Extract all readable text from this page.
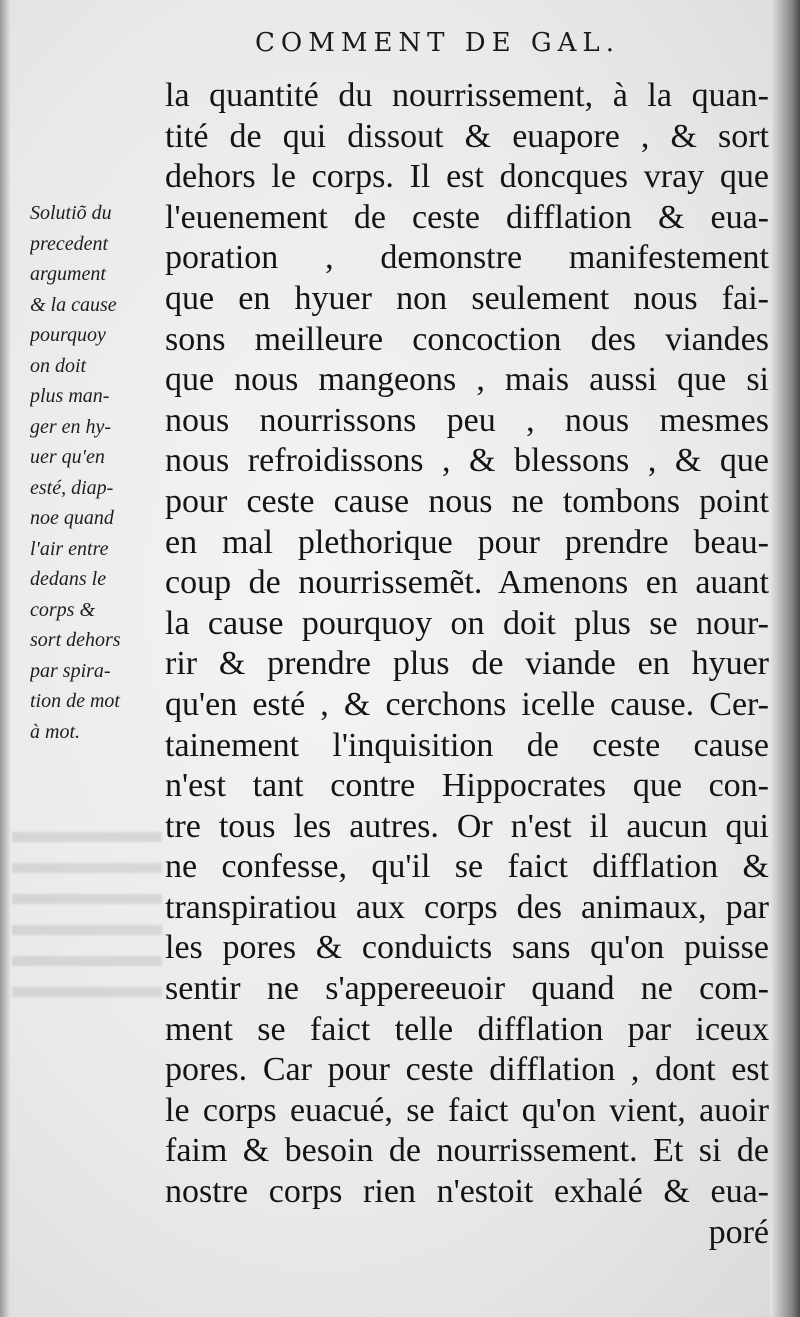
COMMENT DE GAL.
la quantité du nourrissement, à la quan-
tité de qui dissout & euapore , & sort
dehors le corps. Il est doncques vray que
l'euenement de ceste difflation & eua-
poration , demonstre manifestement
que en hyuer non seulement nous fai-
sons meilleure concoction des viandes
que nous mangeons , mais aussi que si
nous nourrissons peu , nous mesmes
nous refroidissons , & blessons , & que
pour ceste cause nous ne tombons point
en mal plethorique pour prendre beau-
coup de nourrissemẽt. Amenons en auant
la cause pourquoy on doit plus se nour-
rir & prendre plus de viande en hyuer
qu'en esté , & cerchons icelle cause. Cer-
tainement l'inquisition de ceste cause
n'est tant contre Hippocrates que con-
tre tous les autres. Or n'est il aucun qui
ne confesse, qu'il se faict difflation &
transpiratiou aux corps des animaux, par
les pores & conduicts sans qu'on puisse
sentir ne s'appereeuoir quand ne com-
ment se faict telle difflation par iceux
pores. Car pour ceste difflation , dont est
le corps euacué, se faict qu'on vient, auoir
faim & besoin de nourrissement. Et si de
nostre corps rien n'estoit exhalé & eua-
poré
Solutiõ du
precedent
argument
& la cause
pourquoy
on doit
plus man-
ger en hy-
uer qu'en
esté, diap-
noe quand
l'air entre
dedans le
corps &
sort dehors
par spira-
tion de mot
à mot.
